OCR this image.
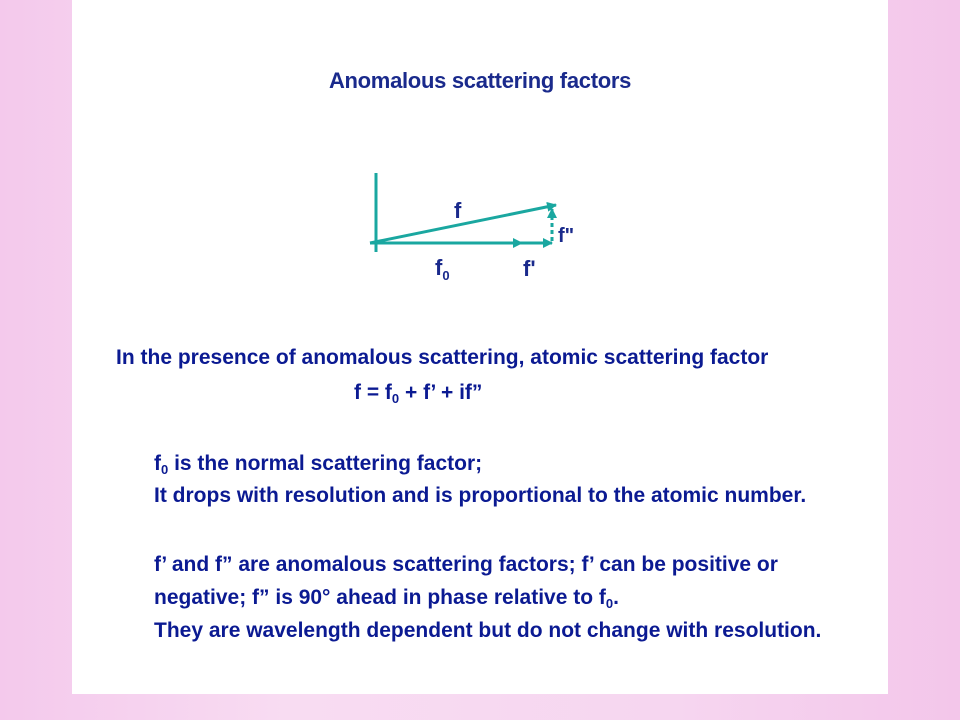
Anomalous scattering factors
f
$f_0$	f'
f"
In the presence of anomalous scattering, atomic scattering factor
$f = f_0 + f$’ + if”
$f_0$ is the normal scattering factor;
It drops with resolution and is proportional to the atomic number.
f’ and f” are anomalous scattering factors; f’ can be positive or
negative; f” is 90° ahead in phase relative to $f_0$.
They are wavelength dependent but do not change with resolution.
